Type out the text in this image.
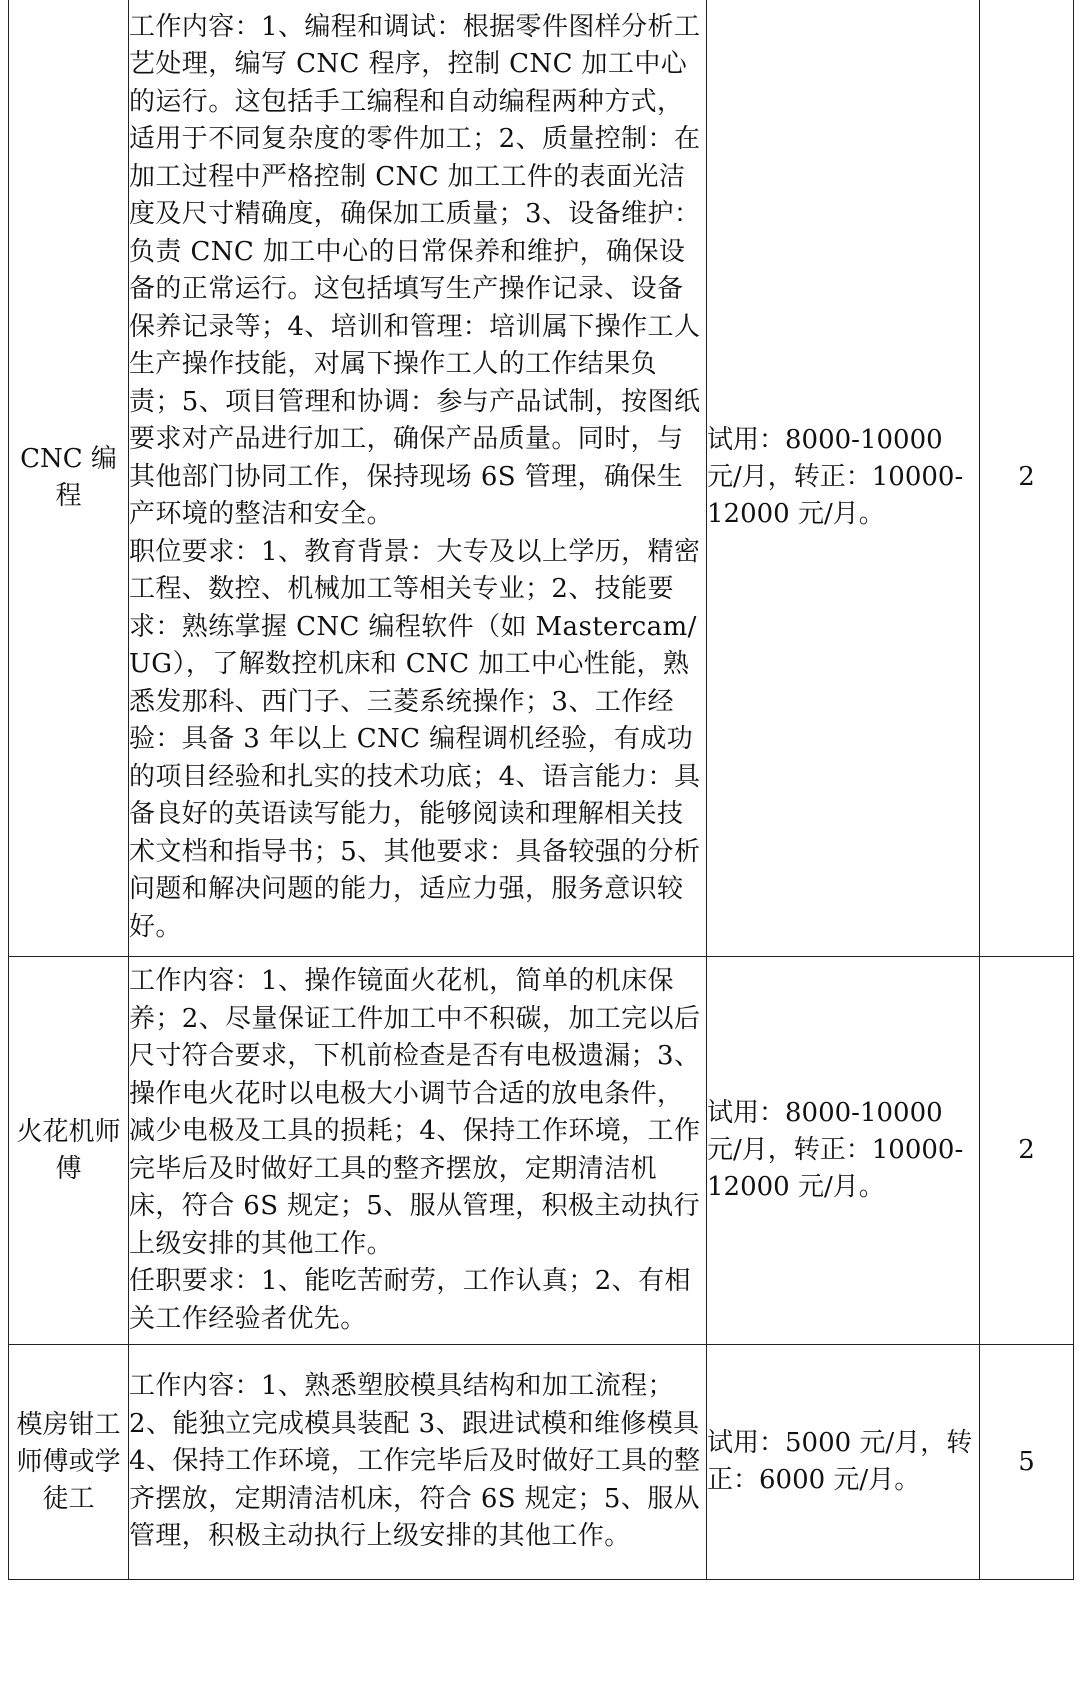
CNC 编程	工作内容：1、编程和调试：根据零件图样分析工艺处理，编写 CNC 程序，控制 CNC 加工中心的运行。这包括手工编程和自动编程两种方式，适用于不同复杂度的零件加工；2、质量控制：在加工过程中严格控制 CNC 加工工件的表面光洁度及尺寸精确度，确保加工质量；3、设备维护：负责 CNC 加工中心的日常保养和维护，确保设备的正常运行。这包括填写生产操作记录、设备保养记录等；4、培训和管理：培训属下操作工人生产操作技能，对属下操作工人的工作结果负责；5、项目管理和协调：参与产品试制，按图纸要求对产品进行加工，确保产品质量。同时，与其他部门协同工作，保持现场 6S 管理，确保生产环境的整洁和安全。
职位要求：1、教育背景：大专及以上学历，精密工程、数控、机械加工等相关专业；2、技能要求：熟练掌握 CNC 编程软件（如 Mastercam/UG），了解数控机床和 CNC 加工中心性能，熟悉发那科、西门子、三菱系统操作；3、工作经验：具备 3 年以上 CNC 编程调机经验，有成功的项目经验和扎实的技术功底；4、语言能力：具备良好的英语读写能力，能够阅读和理解相关技术文档和指导书；5、其他要求：具备较强的分析问题和解决问题的能力，适应力强，服务意识较好。	试用：8000-10000 元/月，转正：10000-12000 元/月。	2
火花机师傅	工作内容：1、操作镜面火花机，简单的机床保养；2、尽量保证工件加工中不积碳，加工完以后尺寸符合要求，下机前检查是否有电极遗漏；3、操作电火花时以电极大小调节合适的放电条件，减少电极及工具的损耗；4、保持工作环境，工作完毕后及时做好工具的整齐摆放，定期清洁机床，符合 6S 规定；5、服从管理，积极主动执行上级安排的其他工作。
任职要求：1、能吃苦耐劳，工作认真；2、有相关工作经验者优先。	试用：8000-10000 元/月，转正：10000-12000 元/月。	2
模房钳工师傅或学徒工	工作内容：1、熟悉塑胶模具结构和加工流程；2、能独立完成模具装配 3、跟进试模和维修模具 4、保持工作环境，工作完毕后及时做好工具的整齐摆放，定期清洁机床，符合 6S 规定；5、服从管理，积极主动执行上级安排的其他工作。	试用：5000 元/月，转正：6000 元/月。	5
